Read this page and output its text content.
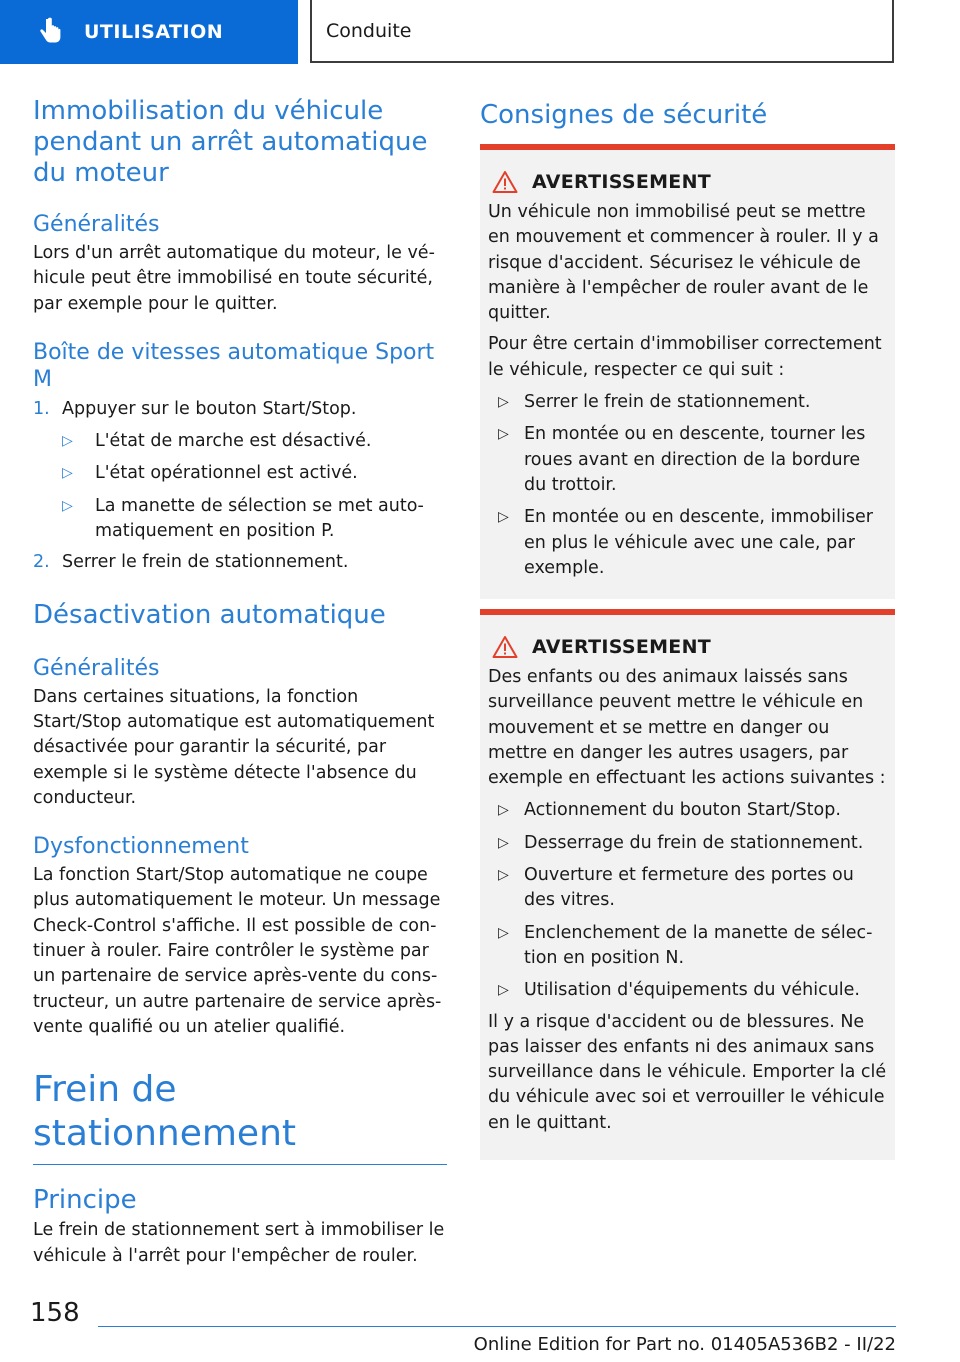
UTILISATION	Conduite
Immobilisation du véhicule pendant un arrêt automatique du moteur
Généralités

Lors d'un arrêt automatique du moteur, le véhicule peut être immobilisé en toute sécurité, par exemple pour le quitter.

Boîte de vitesses automatique Sport M
1. Appuyer sur le bouton Start/Stop.
▷ L'état de marche est désactivé.
▷ L'état opérationnel est activé.
▷ La manette de sélection se met automatiquement en position P.
2. Serrer le frein de stationnement.
Désactivation automatique
Généralités

Dans certaines situations, la fonction Start/Stop automatique est automatiquement désactivée pour garantir la sécurité, par exemple si le système détecte l'absence du conducteur.

Dysfonctionnement

La fonction Start/Stop automatique ne coupe plus automatiquement le moteur. Un message Check-Control s'affiche. Il est possible de continuer à rouler. Faire contrôler le système par un partenaire de service après-vente du constructeur, un autre partenaire de service après-vente qualifié ou un atelier qualifié.

Frein de stationnement
Principe

Le frein de stationnement sert à immobiliser le véhicule à l'arrêt pour l'empêcher de rouler.

Consignes de sécurité
AVERTISSEMENT

Un véhicule non immobilisé peut se mettre en mouvement et commencer à rouler. Il y a risque d'accident. Sécurisez le véhicule de manière à l'empêcher de rouler avant de le quitter.

Pour être certain d'immobiliser correctement le véhicule, respecter ce qui suit :

▷ Serrer le frein de stationnement.
▷ En montée ou en descente, tourner les roues avant en direction de la bordure du trottoir.
▷ En montée ou en descente, immobiliser en plus le véhicule avec une cale, par exemple.
AVERTISSEMENT

Des enfants ou des animaux laissés sans surveillance peuvent mettre le véhicule en mouvement et se mettre en danger ou mettre en danger les autres usagers, par exemple en effectuant les actions suivantes :

▷ Actionnement du bouton Start/Stop.
▷ Desserrage du frein de stationnement.
▷ Ouverture et fermeture des portes ou des vitres.
▷ Enclenchement de la manette de sélection en position N.
▷ Utilisation d'équipements du véhicule.

Il y a risque d'accident ou de blessures. Ne pas laisser des enfants ni des animaux sans surveillance dans le véhicule. Emporter la clé du véhicule avec soi et verrouiller le véhicule en le quittant.

158
Online Edition for Part no. 01405A536B2 - II/22
